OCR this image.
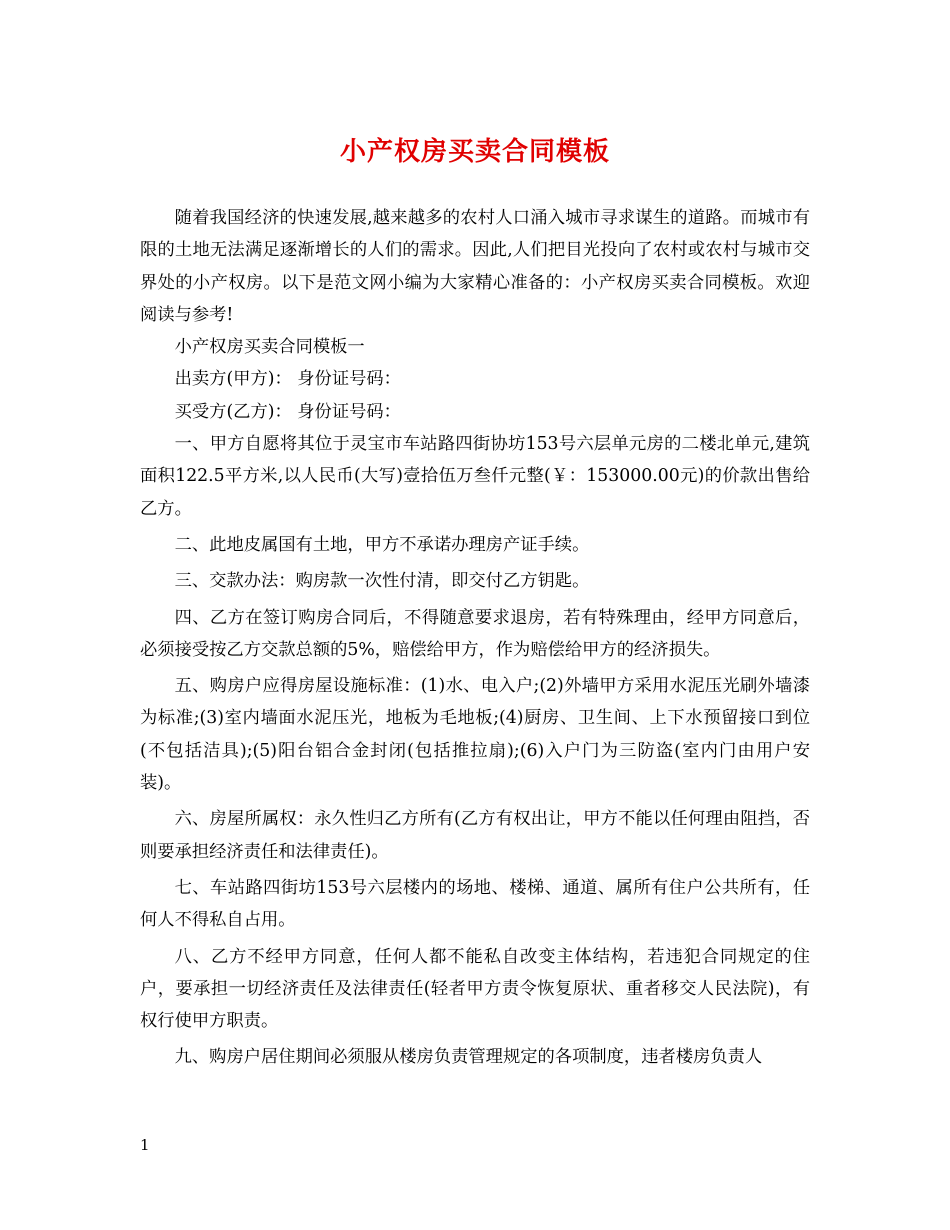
小产权房买卖合同模板

随着我国经济的快速发展,越来越多的农村人口涌入城市寻求谋生的道路。而城市有限的土地无法满足逐渐增长的人们的需求。因此,人们把目光投向了农村或农村与城市交界处的小产权房。以下是范文网小编为大家精心准备的：小产权房买卖合同模板。欢迎阅读与参考!

小产权房买卖合同模板一

出卖方(甲方)： 身份证号码：

买受方(乙方)： 身份证号码：

一、甲方自愿将其位于灵宝市车站路四街协坊153号六层单元房的二楼北单元,建筑面积122.5平方米,以人民币(大写)壹拾伍万叁仟元整(￥：153000.00元)的价款出售给乙方。

二、此地皮属国有土地，甲方不承诺办理房产证手续。

三、交款办法：购房款一次性付清，即交付乙方钥匙。

四、乙方在签订购房合同后，不得随意要求退房，若有特殊理由，经甲方同意后，必须接受按乙方交款总额的5%，赔偿给甲方，作为赔偿给甲方的经济损失。

五、购房户应得房屋设施标准：(1)水、电入户;(2)外墙甲方采用水泥压光刷外墙漆为标准;(3)室内墙面水泥压光，地板为毛地板;(4)厨房、卫生间、上下水预留接口到位(不包括洁具);(5)阳台铝合金封闭(包括推拉扇);(6)入户门为三防盗(室内门由用户安装)。

六、房屋所属权：永久性归乙方所有(乙方有权出让，甲方不能以任何理由阻挡，否则要承担经济责任和法律责任)。

七、车站路四街坊153号六层楼内的场地、楼梯、通道、属所有住户公共所有，任何人不得私自占用。

八、乙方不经甲方同意，任何人都不能私自改变主体结构，若违犯合同规定的住户，要承担一切经济责任及法律责任(轻者甲方责令恢复原状、重者移交人民法院)，有权行使甲方职责。

九、购房户居住期间必须服从楼房负责管理规定的各项制度，违者楼房负责人

1
